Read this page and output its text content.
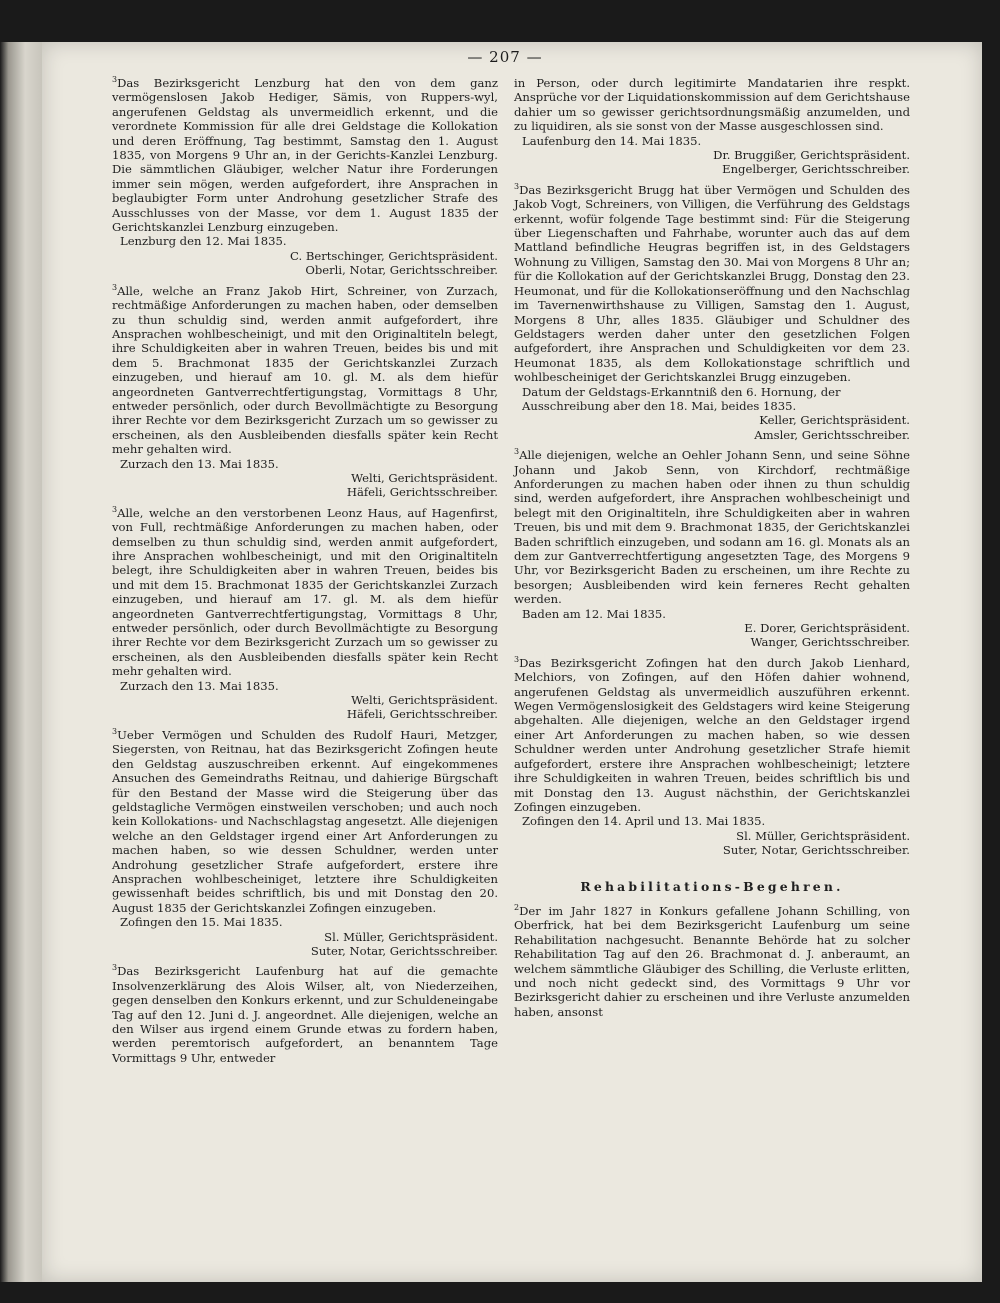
— 207 —

$^3$Das Bezirksgericht Lenzburg hat den von dem ganz vermögenslosen Jakob Hediger, Sämis, von Ruppers-wyl, angerufenen Geldstag als unvermeidlich erkennt, und die verordnete Kommission für alle drei Geldstage die Kollokation und deren Eröffnung, Tag bestimmt, Samstag den 1. August 1835, von Morgens 9 Uhr an, in der Gerichts-Kanzlei Lenzburg. Die sämmtlichen Gläubiger, welcher Natur ihre Forderungen immer sein mögen, werden aufgefordert, ihre Ansprachen in beglaubigter Form unter Androhung gesetzlicher Strafe des Ausschlusses von der Masse, vor dem 1. August 1835 der Gerichtskanzlei Lenzburg einzugeben.

Lenzburg den 12. Mai 1835.

C. Bertschinger, Gerichtspräsident.

Oberli, Notar, Gerichtsschreiber.

$^3$Alle, welche an Franz Jakob Hirt, Schreiner, von Zurzach, rechtmäßige Anforderungen zu machen haben, oder demselben zu thun schuldig sind, werden anmit aufgefordert, ihre Ansprachen wohlbescheinigt, und mit den Originaltiteln belegt, ihre Schuldigkeiten aber in wahren Treuen, beides bis und mit dem 5. Brachmonat 1835 der Gerichtskanzlei Zurzach einzugeben, und hierauf am 10. gl. M. als dem hiefür angeordneten Gantverrechtfertigungstag, Vormittags 8 Uhr, entweder persönlich, oder durch Bevollmächtigte zu Besorgung ihrer Rechte vor dem Bezirksgericht Zurzach um so gewisser zu erscheinen, als den Ausbleibenden diesfalls später kein Recht mehr gehalten wird.

Zurzach den 13. Mai 1835.

Welti, Gerichtspräsident.

Häfeli, Gerichtsschreiber.

$^3$Alle, welche an den verstorbenen Leonz Haus, auf Hagenfirst, von Full, rechtmäßige Anforderungen zu machen haben, oder demselben zu thun schuldig sind, werden anmit aufgefordert, ihre Ansprachen wohlbescheinigt, und mit den Originaltiteln belegt, ihre Schuldigkeiten aber in wahren Treuen, beides bis und mit dem 15. Brachmonat 1835 der Gerichtskanzlei Zurzach einzugeben, und hierauf am 17. gl. M. als dem hiefür angeordneten Gantverrechtfertigungstag, Vormittags 8 Uhr, entweder persönlich, oder durch Bevollmächtigte zu Besorgung ihrer Rechte vor dem Bezirksgericht Zurzach um so gewisser zu erscheinen, als den Ausbleibenden diesfalls später kein Recht mehr gehalten wird.

Zurzach den 13. Mai 1835.

Welti, Gerichtspräsident.

Häfeli, Gerichtsschreiber.

$^3$Ueber Vermögen und Schulden des Rudolf Hauri, Metzger, Siegersten, von Reitnau, hat das Bezirksgericht Zofingen heute den Geldstag auszuschreiben erkennt. Auf eingekommenes Ansuchen des Gemeindraths Reitnau, und dahierige Bürgschaft für den Bestand der Masse wird die Steigerung über das geldstagliche Vermögen einstweilen verschoben; und auch noch kein Kollokations- und Nachschlagstag angesetzt. Alle diejenigen welche an den Geldstager irgend einer Art Anforderungen zu machen haben, so wie dessen Schuldner, werden unter Androhung gesetzlicher Strafe aufgefordert, erstere ihre Ansprachen wohlbescheiniget, letztere ihre Schuldigkeiten gewissenhaft beides schriftlich, bis und mit Donstag den 20. August 1835 der Gerichtskanzlei Zofingen einzugeben.

Zofingen den 15. Mai 1835.

Sl. Müller, Gerichtspräsident.

Suter, Notar, Gerichtsschreiber.

$^3$Das Bezirksgericht Laufenburg hat auf die gemachte Insolvenzerklärung des Alois Wilser, alt, von Niederzeihen, gegen denselben den Konkurs erkennt, und zur Schuldeneingabe Tag auf den 12. Juni d. J. angeordnet. Alle diejenigen, welche an den Wilser aus irgend einem Grunde etwas zu fordern haben, werden peremtorisch aufgefordert, an benanntem Tage Vormittags 9 Uhr, entweder

in Person, oder durch legitimirte Mandatarien ihre respkt. Ansprüche vor der Liquidationskommission auf dem Gerichtshause dahier um so gewisser gerichtsordnungsmäßig anzumelden, und zu liquidiren, als sie sonst von der Masse ausgeschlossen sind.

Laufenburg den 14. Mai 1835.

Dr. Bruggißer, Gerichtspräsident.

Engelberger, Gerichtsschreiber.

$^3$Das Bezirksgericht Brugg hat über Vermögen und Schulden des Jakob Vogt, Schreiners, von Villigen, die Verführung des Geldstags erkennt, wofür folgende Tage bestimmt sind: Für die Steigerung über Liegenschaften und Fahrhabe, worunter auch das auf dem Mattland befindliche Heugras begriffen ist, in des Geldstagers Wohnung zu Villigen, Samstag den 30. Mai von Morgens 8 Uhr an; für die Kollokation auf der Gerichtskanzlei Brugg, Donstag den 23. Heumonat, und für die Kollokationseröffnung und den Nachschlag im Tavernenwirthshause zu Villigen, Samstag den 1. August, Morgens 8 Uhr, alles 1835. Gläubiger und Schuldner des Geldstagers werden daher unter den gesetzlichen Folgen aufgefordert, ihre Ansprachen und Schuldigkeiten vor dem 23. Heumonat 1835, als dem Kollokationstage schriftlich und wohlbescheiniget der Gerichtskanzlei Brugg einzugeben.

Datum der Geldstags-Erkanntniß den 6. Hornung, der Ausschreibung aber den 18. Mai, beides 1835.

Keller, Gerichtspräsident.

Amsler, Gerichtsschreiber.

$^3$Alle diejenigen, welche an Oehler Johann Senn, und seine Söhne Johann und Jakob Senn, von Kirchdorf, rechtmäßige Anforderungen zu machen haben oder ihnen zu thun schuldig sind, werden aufgefordert, ihre Ansprachen wohlbescheinigt und belegt mit den Originaltiteln, ihre Schuldigkeiten aber in wahren Treuen, bis und mit dem 9. Brachmonat 1835, der Gerichtskanzlei Baden schriftlich einzugeben, und sodann am 16. gl. Monats als an dem zur Gantverrechtfertigung angesetzten Tage, des Morgens 9 Uhr, vor Bezirksgericht Baden zu erscheinen, um ihre Rechte zu besorgen; Ausbleibenden wird kein ferneres Recht gehalten werden.

Baden am 12. Mai 1835.

E. Dorer, Gerichtspräsident.

Wanger, Gerichtsschreiber.

$^3$Das Bezirksgericht Zofingen hat den durch Jakob Lienhard, Melchiors, von Zofingen, auf den Höfen dahier wohnend, angerufenen Geldstag als unvermeidlich auszuführen erkennt. Wegen Vermögenslosigkeit des Geldstagers wird keine Steigerung abgehalten. Alle diejenigen, welche an den Geldstager irgend einer Art Anforderungen zu machen haben, so wie dessen Schuldner werden unter Androhung gesetzlicher Strafe hiemit aufgefordert, erstere ihre Ansprachen wohlbescheinigt; letztere ihre Schuldigkeiten in wahren Treuen, beides schriftlich bis und mit Donstag den 13. August nächsthin, der Gerichtskanzlei Zofingen einzugeben.

Zofingen den 14. April und 13. Mai 1835.

Sl. Müller, Gerichtspräsident.

Suter, Notar, Gerichtsschreiber.

Rehabilitations-Begehren.

$^2$Der im Jahr 1827 in Konkurs gefallene Johann Schilling, von Oberfrick, hat bei dem Bezirksgericht Laufenburg um seine Rehabilitation nachgesucht. Benannte Behörde hat zu solcher Rehabilitation Tag auf den 26. Brachmonat d. J. anberaumt, an welchem sämmtliche Gläubiger des Schilling, die Verluste erlitten, und noch nicht gedeckt sind, des Vormittags 9 Uhr vor Bezirksgericht dahier zu erscheinen und ihre Verluste anzumelden haben, ansonst
